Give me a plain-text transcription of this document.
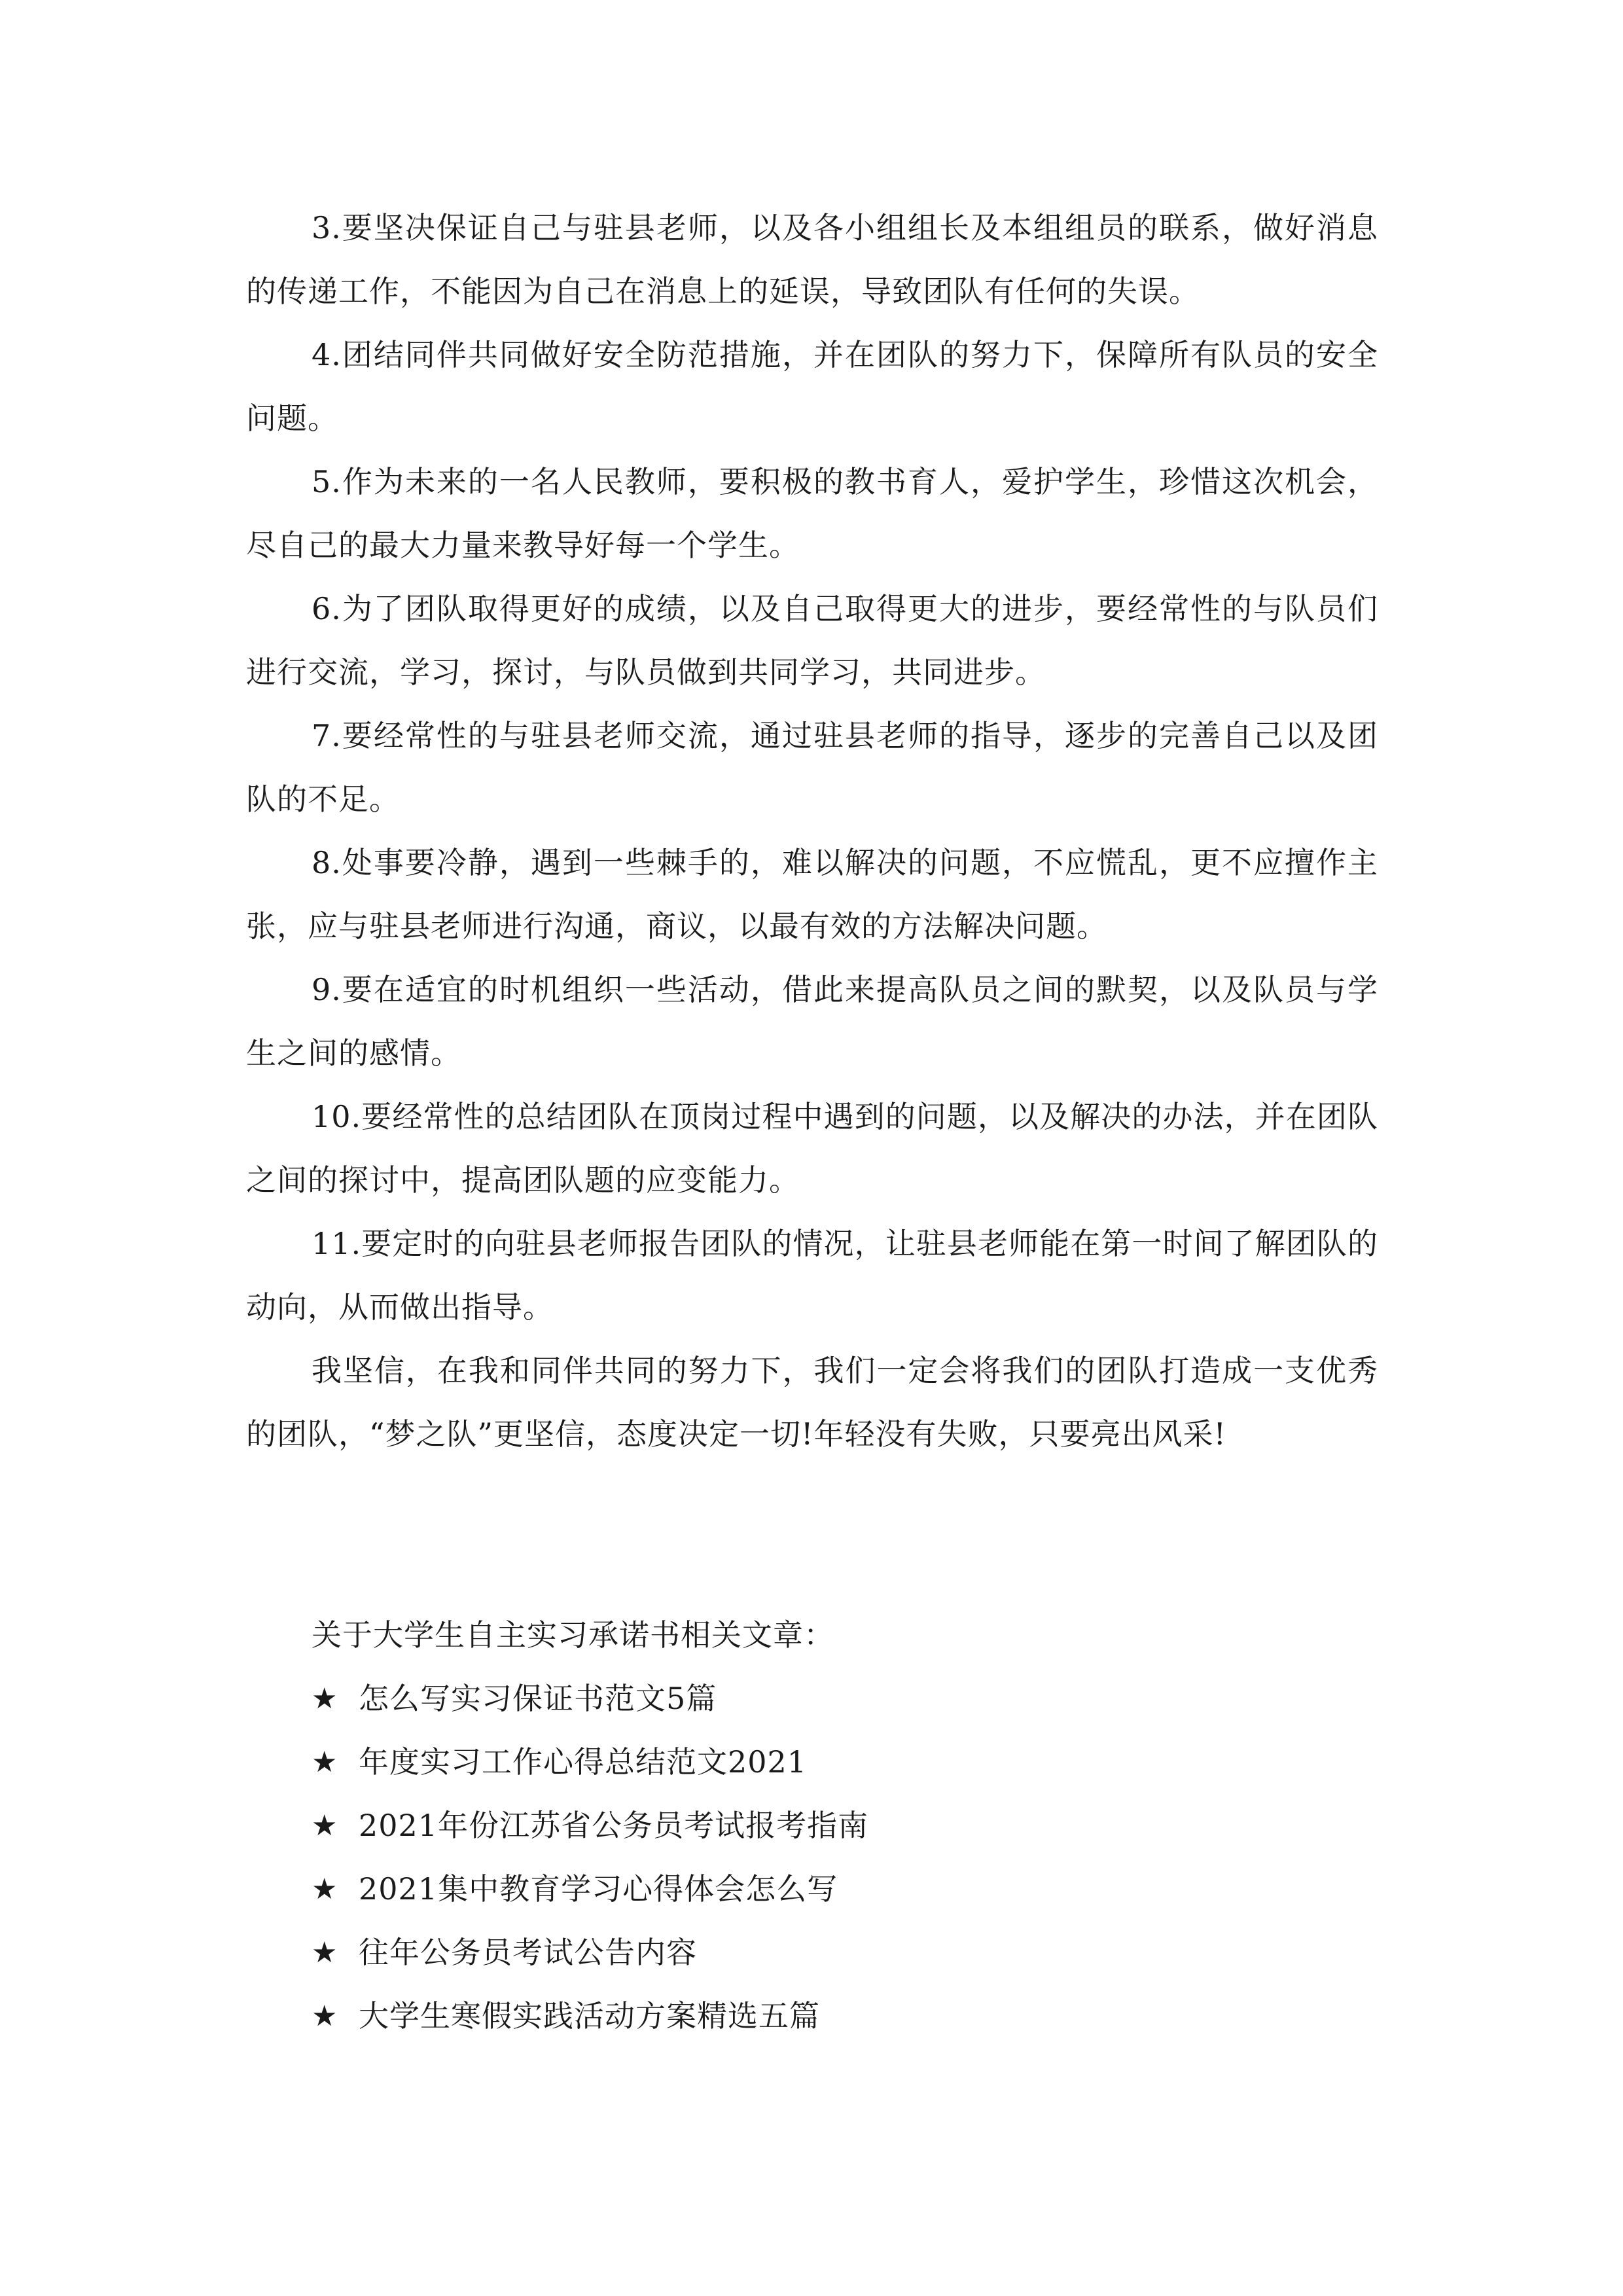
3.要坚决保证自己与驻县老师，以及各小组组长及本组组员的联系，做好消息的传递工作，不能因为自己在消息上的延误，导致团队有任何的失误。

4.团结同伴共同做好安全防范措施，并在团队的努力下，保障所有队员的安全问题。

5.作为未来的一名人民教师，要积极的教书育人，爱护学生，珍惜这次机会，尽自己的最大力量来教导好每一个学生。

6.为了团队取得更好的成绩，以及自己取得更大的进步，要经常性的与队员们进行交流，学习，探讨，与队员做到共同学习，共同进步。

7.要经常性的与驻县老师交流，通过驻县老师的指导，逐步的完善自己以及团队的不足。

8.处事要冷静，遇到一些棘手的，难以解决的问题，不应慌乱，更不应擅作主张，应与驻县老师进行沟通，商议，以最有效的方法解决问题。

9.要在适宜的时机组织一些活动，借此来提高队员之间的默契，以及队员与学生之间的感情。

10.要经常性的总结团队在顶岗过程中遇到的问题，以及解决的办法，并在团队之间的探讨中，提高团队题的应变能力。

11.要定时的向驻县老师报告团队的情况，让驻县老师能在第一时间了解团队的动向，从而做出指导。

我坚信，在我和同伴共同的努力下，我们一定会将我们的团队打造成一支优秀的团队，“梦之队”更坚信，态度决定一切!年轻没有失败，只要亮出风采!

关于大学生自主实习承诺书相关文章：

★ 怎么写实习保证书范文5篇
★ 年度实习工作心得总结范文2021
★ 2021年份江苏省公务员考试报考指南
★ 2021集中教育学习心得体会怎么写
★ 往年公务员考试公告内容
★ 大学生寒假实践活动方案精选五篇
